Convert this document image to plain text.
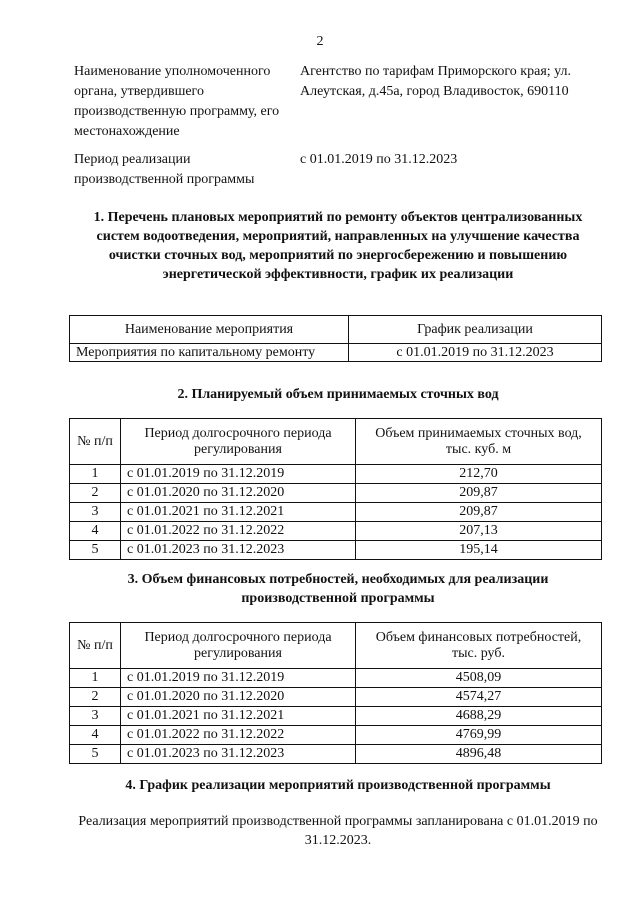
2
Наименование уполномоченного органа, утвердившего производственную программу, его местонахождение
Агентство по тарифам Приморского края; ул. Алеутская, д.45а, город Владивосток, 690110
Период реализации производственной программы
с 01.01.2019 по 31.12.2023
1. Перечень плановых мероприятий по ремонту объектов централизованных систем водоотведения, мероприятий, направленных на улучшение качества очистки сточных вод, мероприятий по энергосбережению и повышению энергетической эффективности, график их реализации
Наименование мероприятия	График реализации
Мероприятия по капитальному ремонту	с 01.01.2019 по 31.12.2023
2. Планируемый объем принимаемых сточных вод
№ п/п	Период долгосрочного периода регулирования	Объем принимаемых сточных вод, тыс. куб. м
1	с 01.01.2019 по 31.12.2019	212,70
2	с 01.01.2020 по 31.12.2020	209,87
3	с 01.01.2021 по 31.12.2021	209,87
4	с 01.01.2022 по 31.12.2022	207,13
5	с 01.01.2023 по 31.12.2023	195,14
3. Объем финансовых потребностей, необходимых для реализации производственной программы
№ п/п	Период долгосрочного периода регулирования	Объем финансовых потребностей, тыс. руб.
1	с 01.01.2019 по 31.12.2019	4508,09
2	с 01.01.2020 по 31.12.2020	4574,27
3	с 01.01.2021 по 31.12.2021	4688,29
4	с 01.01.2022 по 31.12.2022	4769,99
5	с 01.01.2023 по 31.12.2023	4896,48
4. График реализации мероприятий производственной программы
Реализация мероприятий производственной программы запланирована с 01.01.2019 по 31.12.2023.
